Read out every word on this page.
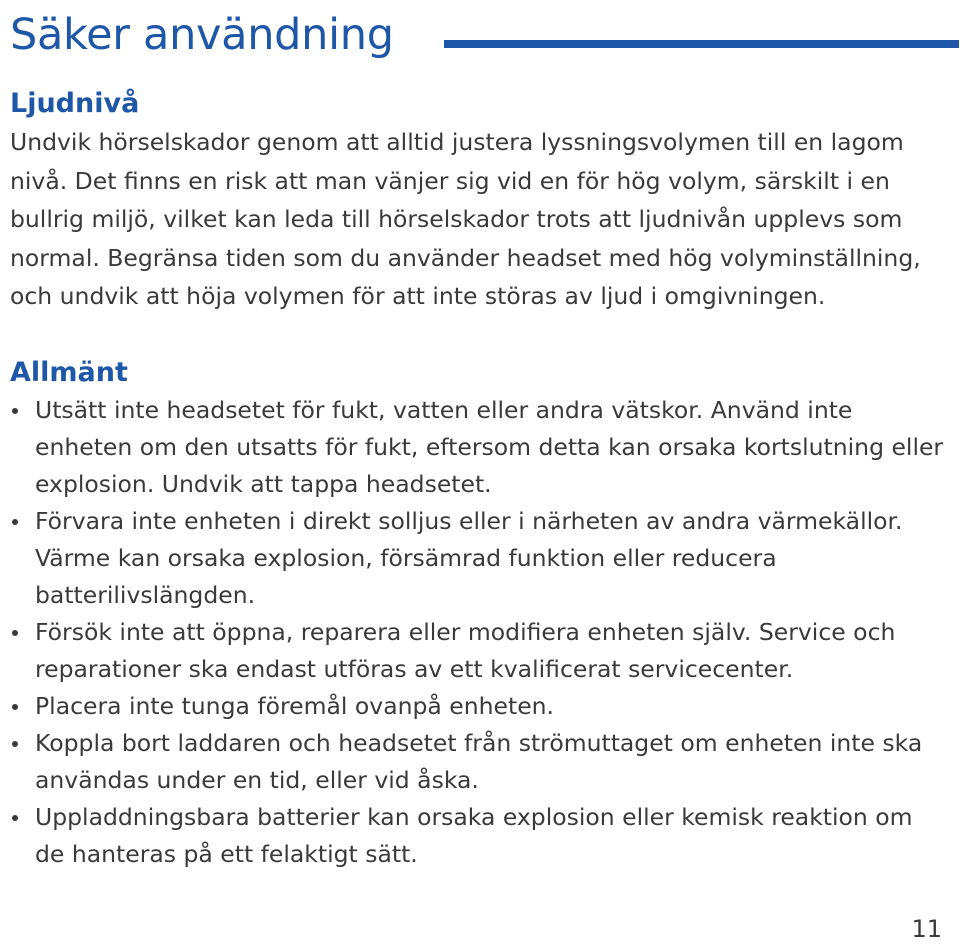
Säker användning
Ljudnivå

Undvik hörselskador genom att alltid justera lyssningsvolymen till en lagom nivå. Det finns en risk att man vänjer sig vid en för hög volym, särskilt i en bullrig miljö, vilket kan leda till hörselskador trots att ljudnivån upplevs som normal. Begränsa tiden som du använder headset med hög volyminställning, och undvik att höja volymen för att inte störas av ljud i omgivningen.

Allmänt
Utsätt inte headsetet för fukt, vatten eller andra vätskor. Använd inte enheten om den utsatts för fukt, eftersom detta kan orsaka kortslutning eller explosion. Undvik att tappa headsetet.
Förvara inte enheten i direkt solljus eller i närheten av andra värmekällor. Värme kan orsaka explosion, försämrad funktion eller reducera batterilivslängden.
Försök inte att öppna, reparera eller modifiera enheten själv. Service och reparationer ska endast utföras av ett kvalificerat servicecenter.
Placera inte tunga föremål ovanpå enheten.
Koppla bort laddaren och headsetet från strömuttaget om enheten inte ska användas under en tid, eller vid åska.
Uppladdningsbara batterier kan orsaka explosion eller kemisk reaktion om de hanteras på ett felaktigt sätt.
11
